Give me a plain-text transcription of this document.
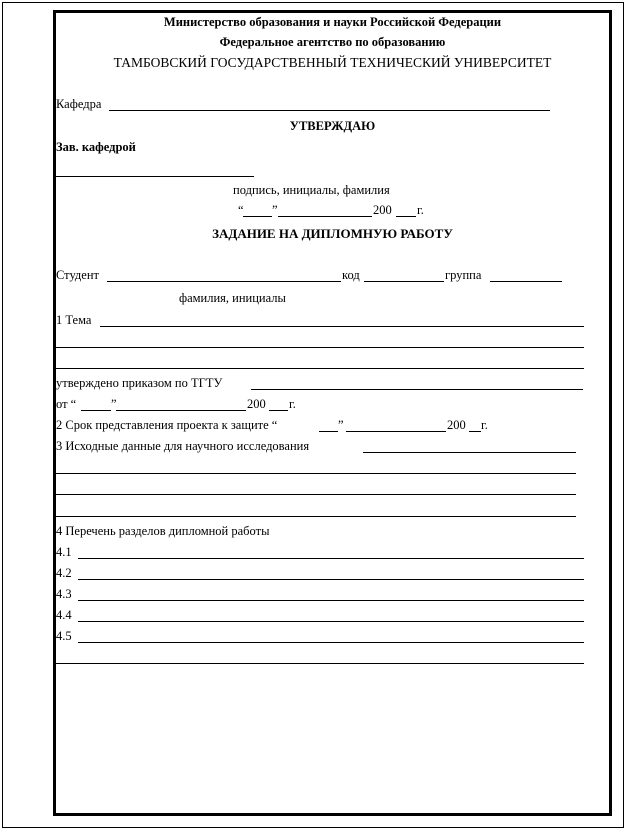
Министерство образования и науки Российской Федерации
Федеральное агентство по образованию
ТАМБОВСКИЙ ГОСУДАРСТВЕННЫЙ ТЕХНИЧЕСКИЙ УНИВЕРСИТЕТ
Кафедра
УТВЕРЖДАЮ
Зав. кафедрой
подпись, инициалы, фамилия
“ ”	200 г.
ЗАДАНИЕ НА ДИПЛОМНУЮ РАБОТУ
Студент	код	группа
фамилия, инициалы
1 Тема
утверждено приказом по ТГТУ
от “	”	200 г.
2 Срок представления проекта к защите “	”	200 г.
3 Исходные данные для научного исследования
4 Перечень разделов дипломной работы
4.1
4.2
4.3
4.4
4.5
